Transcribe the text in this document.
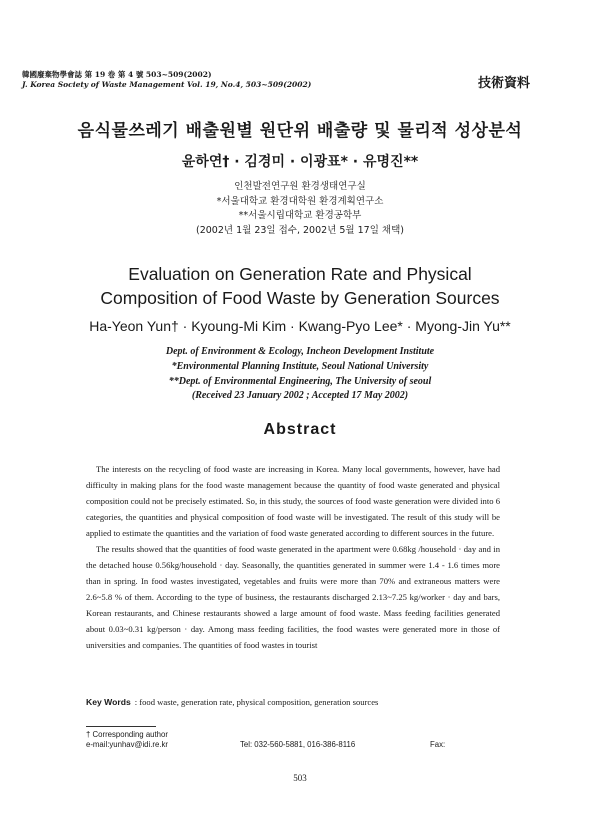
韓國廢棄物學會誌 第 19 卷 第 4 號 503~509(2002)
J. Korea Society of Waste Management Vol. 19, No.4, 503~509(2002)	技術資料
음식물쓰레기 배출원별 원단위 배출량 및 물리적 성상분석
윤하연† · 김경미 · 이광표* · 유명진**
인천발전연구원 환경생태연구실
*서울대학교 환경대학원 환경계획연구소
**서울시립대학교 환경공학부
(2002년 1월 23일 접수, 2002년 5월 17일 채택)
Evaluation on Generation Rate and Physical
Composition of Food Waste by Generation Sources
Ha-Yeon Yun† · Kyoung-Mi Kim · Kwang-Pyo Lee* · Myong-Jin Yu**
Dept. of Environment & Ecology, Incheon Development Institute
*Environmental Planning Institute, Seoul National University
**Dept. of Environmental Engineering, The University of seoul
(Received 23 January 2002 ; Accepted 17 May 2002)
Abstract

The interests on the recycling of food waste are increasing in Korea. Many local governments, however, have had difficulty in making plans for the food waste management because the quantity of food waste generated and physical composition could not be precisely estimated. So, in this study, the sources of food waste generation were divided into 6 categories, the quantities and physical composition of food waste will be investigated. The result of this study will be applied to estimate the quantities and the variation of food waste generated according to different sources in the future.

The results showed that the quantities of food waste generated in the apartment were 0.68kg /household · day and in the detached house 0.56kg/household · day. Seasonally, the quantities generated in summer were 1.4 - 1.6 times more than in spring. In food wastes investigated, vegetables and fruits were more than 70% and extraneous matters were 2.6~5.8 % of them. According to the type of business, the restaurants discharged 2.13~7.25 kg/worker · day and bars, Korean restaurants, and Chinese restaurants showed a large amount of food waste. Mass feeding facilities generated about 0.03~0.31 kg/person · day. Among mass feeding facilities, the food wastes were generated more in those of universities and companies. The quantities of food wastes in tourist

Key Words : food waste, generation rate, physical composition, generation sources
† Corresponding author
e-mail:yunhav@idi.re.kr	Tel: 032-560-5881, 016-386-8116	Fax:
503
